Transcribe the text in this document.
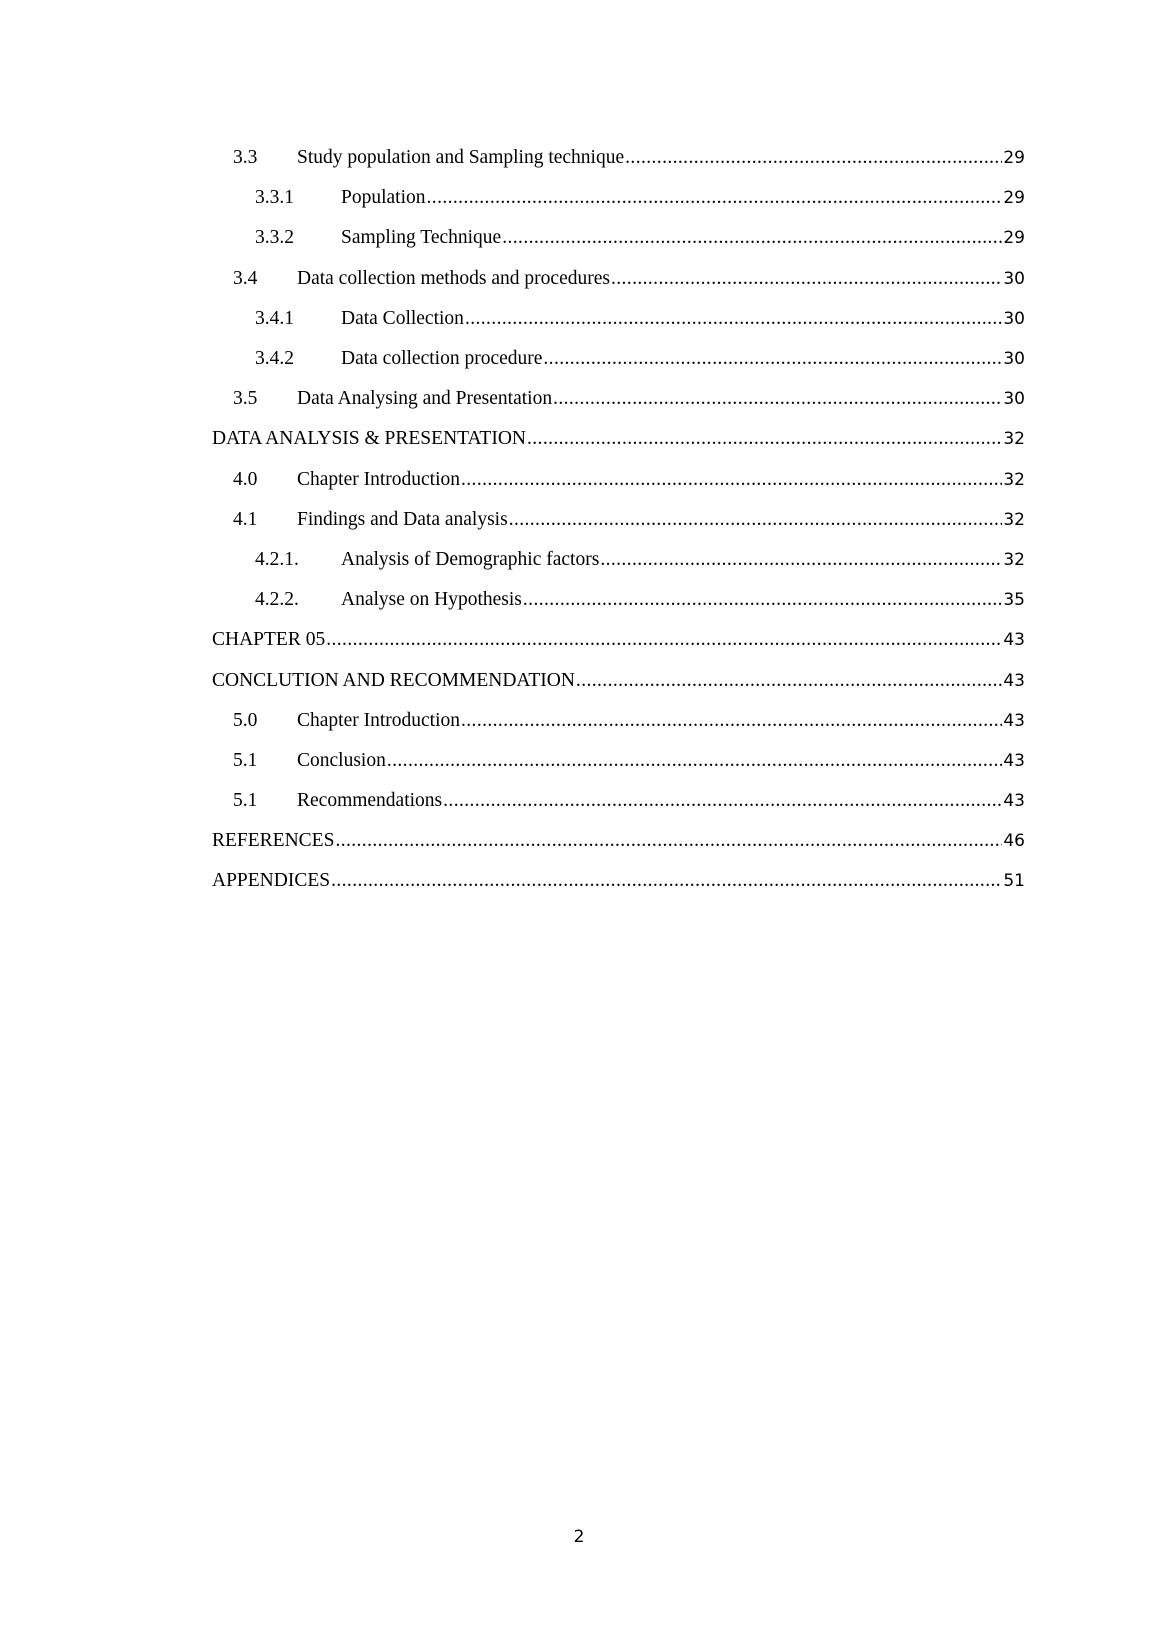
3.3	Study population and Sampling technique .....	29
3.3.1	Population .....	29
3.3.2	Sampling Technique .....	29
3.4	Data collection methods and procedures .....	30
3.4.1	Data Collection .....	30
3.4.2	Data collection procedure .....	30
3.5	Data Analysing and Presentation .....	30
DATA ANALYSIS & PRESENTATION .....	32
4.0	Chapter Introduction .....	32
4.1	Findings and Data analysis .....	32
4.2.1.	Analysis of Demographic factors .....	32
4.2.2.	Analyse on Hypothesis .....	35
CHAPTER 05 .....	43
CONCLUTION AND RECOMMENDATION .....	43
5.0	Chapter Introduction .....	43
5.1	Conclusion .....	43
5.1	Recommendations .....	43
REFERENCES .....	46
APPENDICES .....	51
2
